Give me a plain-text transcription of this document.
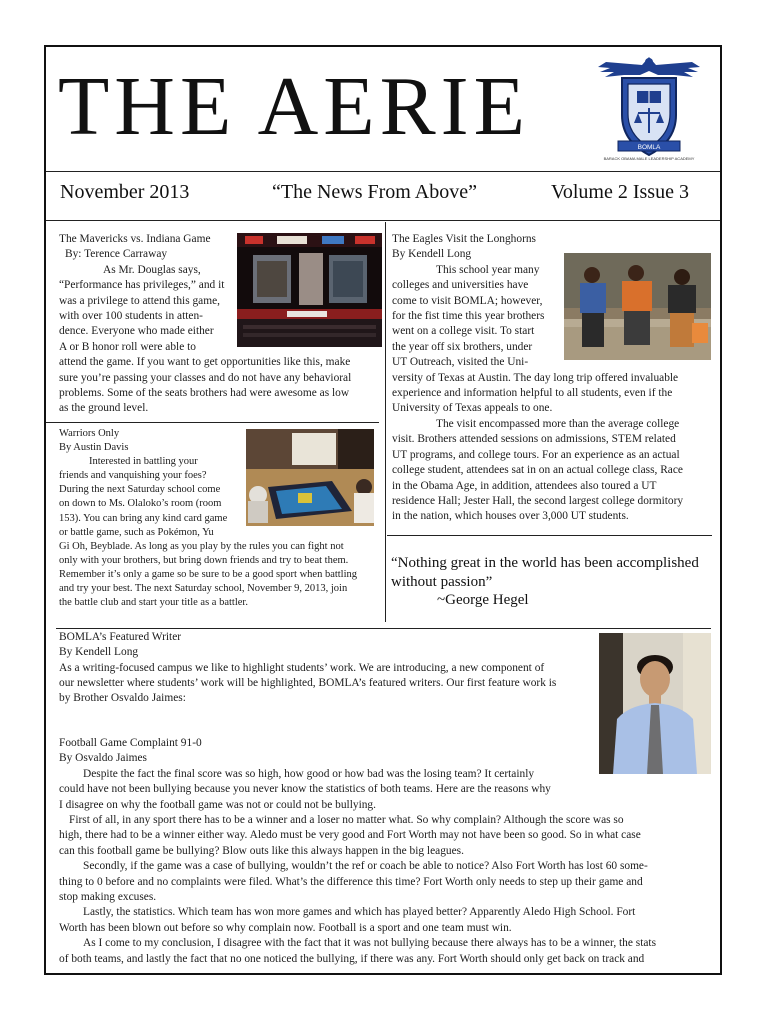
THE AERIE	BOMLA
BARACK OBAMA MALE LEADERSHIP ACADEMY
November 2013	“The News From Above”	Volume 2 Issue 3

The Mavericks vs. Indiana Game

By: Terence Carraway

As Mr. Douglas says,

“Performance has privileges,” and it

was a privilege to attend this game,

with over 100 students in atten-

dence. Everyone who made either

A or B honor roll were able to

attend the game. If you want to get opportunities like this, make

sure you’re passing your classes and do not have any behavioral

problems. Some of the seats brothers had were awesome as low

as the ground level.

Warriors Only

By Austin Davis

Interested in battling your

friends and vanquishing your foes?

During the next Saturday school come

on down to Ms. Olaloko’s room (room

153). You can bring any kind card game

or battle game, such as Pokémon, Yu

Gi Oh, Beyblade. As long as you play by the rules you can fight not

only with your brothers, but bring down friends and try to beat them.

Remember it’s only a game so be sure to be a good sport when battling

and try your best. The next Saturday school, November 9, 2013, join

the battle club and start your title as a battler.

The Eagles Visit the Longhorns

By Kendell Long

This school year many

colleges and universities have

come to visit BOMLA; however,

for the fist time this year brothers

went on a college visit. To start

the year off six brothers, under

UT Outreach, visited the Uni-

versity of Texas at Austin. The day long trip offered invaluable

experience and information helpful to all students, even if the

University of Texas appeals to one.

The visit encompassed more than the average college

visit. Brothers attended sessions on admissions, STEM related

UT programs, and college tours. For an experience as an actual

college student, attendees sat in on an actual college class, Race

in the Obama Age, in addition, attendees also toured a UT

residence Hall; Jester Hall, the second largest college dormitory

in the nation, which houses over 3,000 UT students.

“Nothing great in the world has been accomplished
without passion”
~George Hegel

BOMLA’s Featured Writer

By Kendell Long

As a writing-focused campus we like to highlight students’ work. We are introducing, a new component of

our newsletter where students’ work will be highlighted, BOMLA’s featured writers. Our first feature work is

by Brother Osvaldo Jaimes:

Football Game Complaint 91-0

By Osvaldo Jaimes

Despite the fact the final score was so high, how good or how bad was the losing team? It certainly

could have not been bullying because you never know the statistics of both teams. Here are the reasons why

I disagree on why the football game was not or could not be bullying.

First of all, in any sport there has to be a winner and a loser no matter what. So why complain? Although the score was so

high, there had to be a winner either way. Aledo must be very good and Fort Worth may not have been so good. So in what case

can this football game be bullying? Blow outs like this always happen in the big leagues.

Secondly, if the game was a case of bullying, wouldn’t the ref or coach be able to notice? Also Fort Worth has lost 60 some-

thing to 0 before and no complaints were filed. What’s the difference this time? Fort Worth only needs to step up their game and

stop making excuses.

Lastly, the statistics. Which team has won more games and which has played better? Apparently Aledo High School. Fort

Worth has been blown out before so why complain now. Football is a sport and one team must win.

As I come to my conclusion, I disagree with the fact that it was not bullying because there always has to be a winner, the stats

of both teams, and lastly the fact that no one noticed the bullying, if there was any. Fort Worth should only get back on track and
